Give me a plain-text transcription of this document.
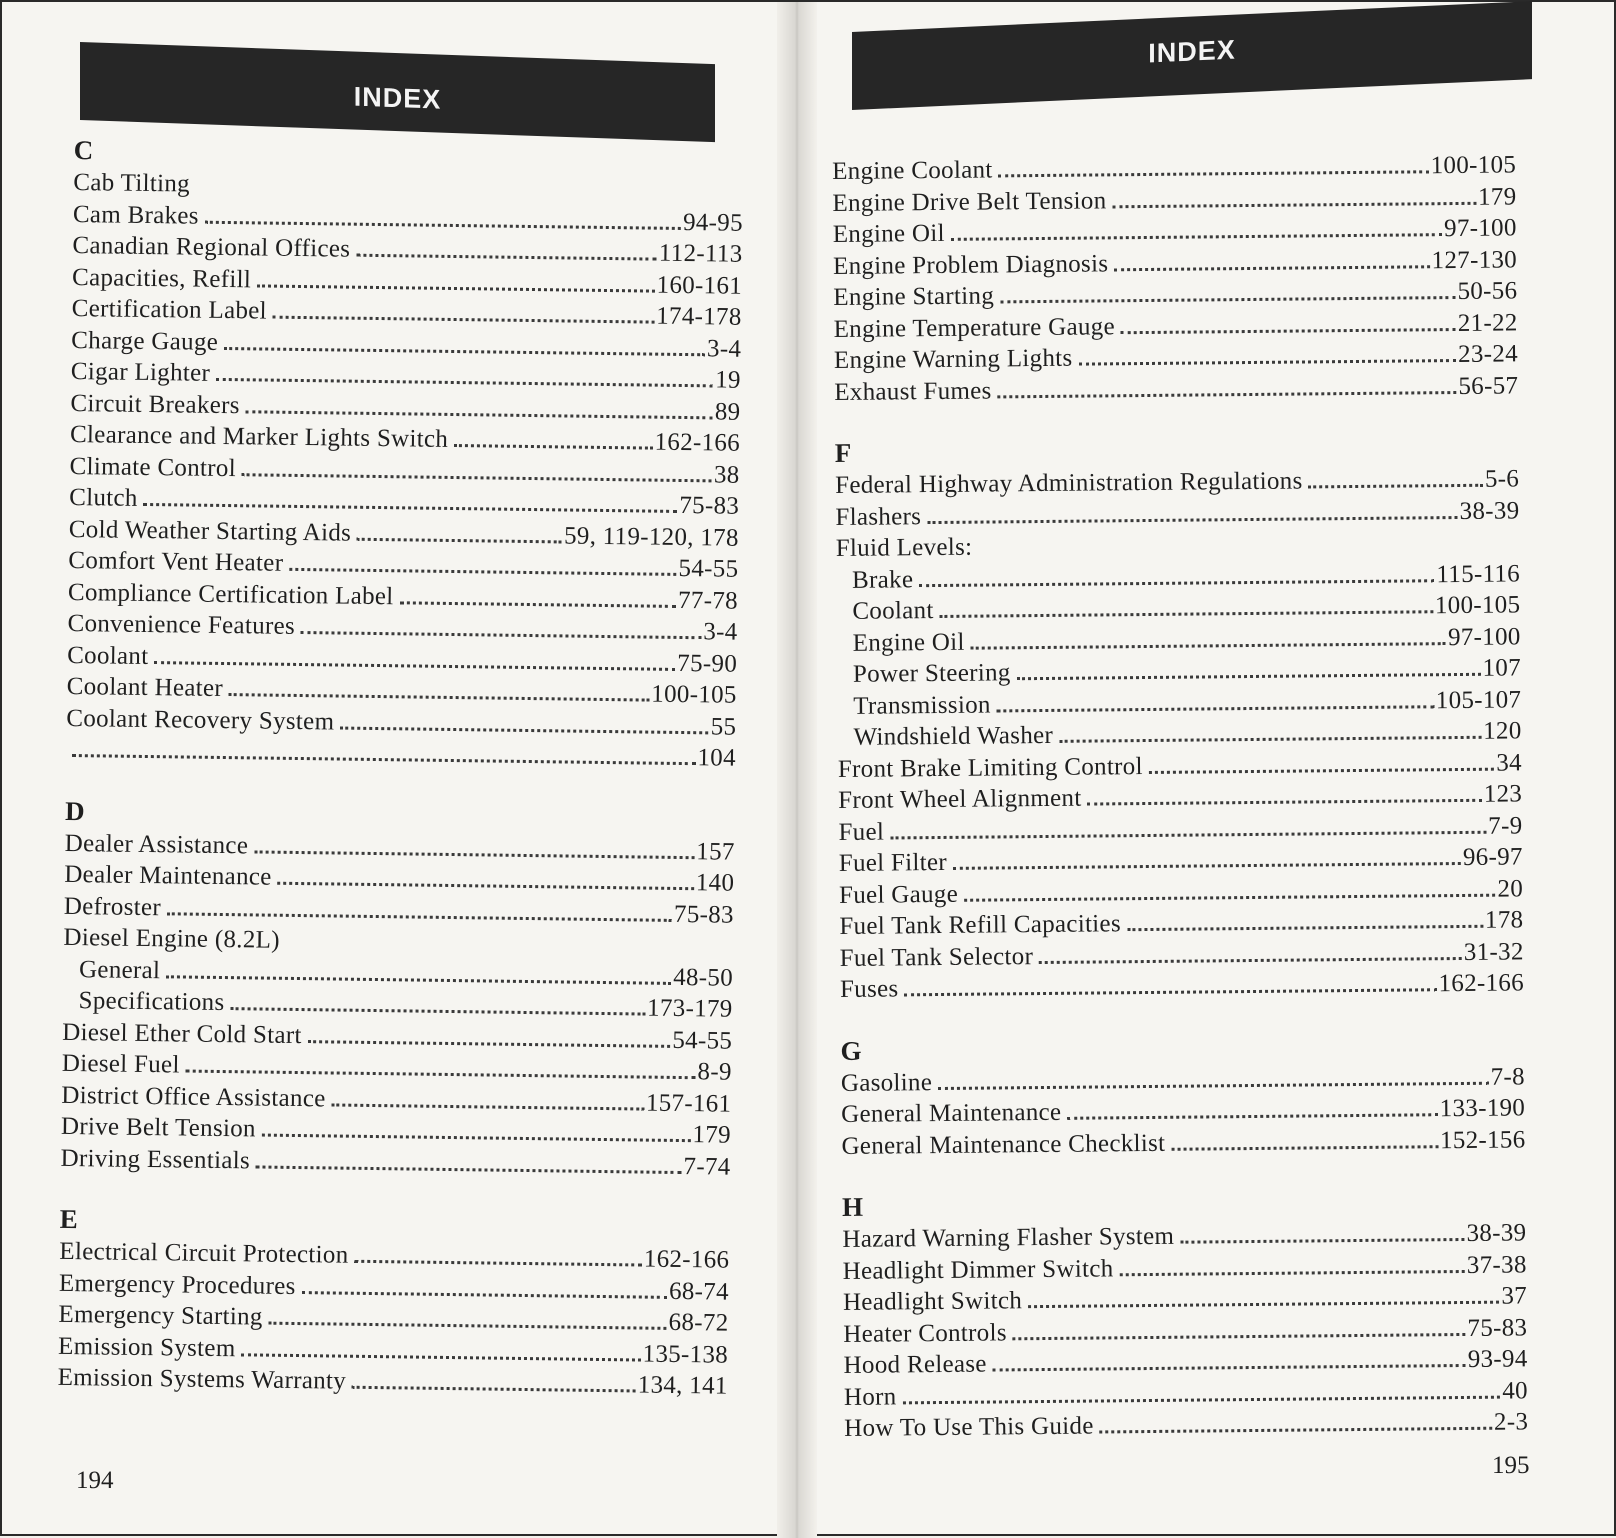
INDEX
C
Cab Tilting
Cam Brakes	94-95
Canadian Regional Offices	112-113
Capacities, Refill	160-161
Certification Label	174-178
Charge Gauge	3-4
Cigar Lighter	19
Circuit Breakers	89
Clearance and Marker Lights Switch	162-166
Climate Control	38
Clutch	75-83
Cold Weather Starting Aids	59, 119-120, 178
Comfort Vent Heater	54-55
Compliance Certification Label	77-78
Convenience Features	3-4
Coolant	75-90
Coolant Heater	100-105
Coolant Recovery System	55
104
D
Dealer Assistance	157
Dealer Maintenance	140
Defroster	75-83
Diesel Engine (8.2L)
General	48-50
Specifications	173-179
Diesel Ether Cold Start	54-55
Diesel Fuel	8-9
District Office Assistance	157-161
Drive Belt Tension	179
Driving Essentials	7-74
E
Electrical Circuit Protection	162-166
Emergency Procedures	68-74
Emergency Starting	68-72
Emission System	135-138
Emission Systems Warranty	134, 141
194
INDEX
Engine Coolant	100-105
Engine Drive Belt Tension	179
Engine Oil	97-100
Engine Problem Diagnosis	127-130
Engine Starting	50-56
Engine Temperature Gauge	21-22
Engine Warning Lights	23-24
Exhaust Fumes	56-57
F
Federal Highway Administration Regulations	5-6
Flashers	38-39
Fluid Levels:
Brake	115-116
Coolant	100-105
Engine Oil	97-100
Power Steering	107
Transmission	105-107
Windshield Washer	120
Front Brake Limiting Control	34
Front Wheel Alignment	123
Fuel	7-9
Fuel Filter	96-97
Fuel Gauge	20
Fuel Tank Refill Capacities	178
Fuel Tank Selector	31-32
Fuses	162-166
G
Gasoline	7-8
General Maintenance	133-190
General Maintenance Checklist	152-156
H
Hazard Warning Flasher System	38-39
Headlight Dimmer Switch	37-38
Headlight Switch	37
Heater Controls	75-83
Hood Release	93-94
Horn	40
How To Use This Guide	2-3
195
